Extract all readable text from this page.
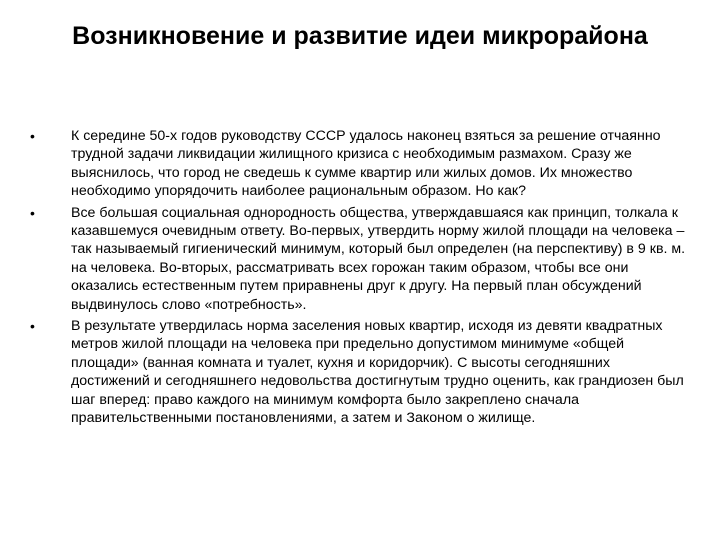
Возникновение и развитие идеи микрорайона
•	К середине 50-х годов руководству СССР удалось наконец взяться за решение отчаянно трудной задачи ликвидации жилищного кризиса с необходимым размахом. Сразу же выяснилось, что город не сведешь к сумме квартир или жилых домов. Их множество необходимо упорядочить наиболее рациональным образом. Но как?
•	Все большая социальная однородность общества, утверждавшаяся как принцип, толкала к казавшемуся очевидным ответу. Во-первых, утвердить норму жилой площади на человека – так называемый гигиенический минимум, который был определен (на перспективу) в 9 кв. м. на человека. Во-вторых, рассматривать всех горожан таким образом, чтобы все они оказались естественным путем приравнены друг к другу. На первый план обсуждений выдвинулось слово «потребность».
•	В результате утвердилась норма заселения новых квартир, исходя из девяти квадратных метров жилой площади на человека при предельно допустимом минимуме «общей площади» (ванная комната и туалет, кухня и коридорчик). С высоты сегодняшних достижений и сегодняшнего недовольства достигнутым трудно оценить, как грандиозен был шаг вперед: право каждого на минимум комфорта было закреплено сначала правительственными постановлениями, а затем и Законом о жилище.
